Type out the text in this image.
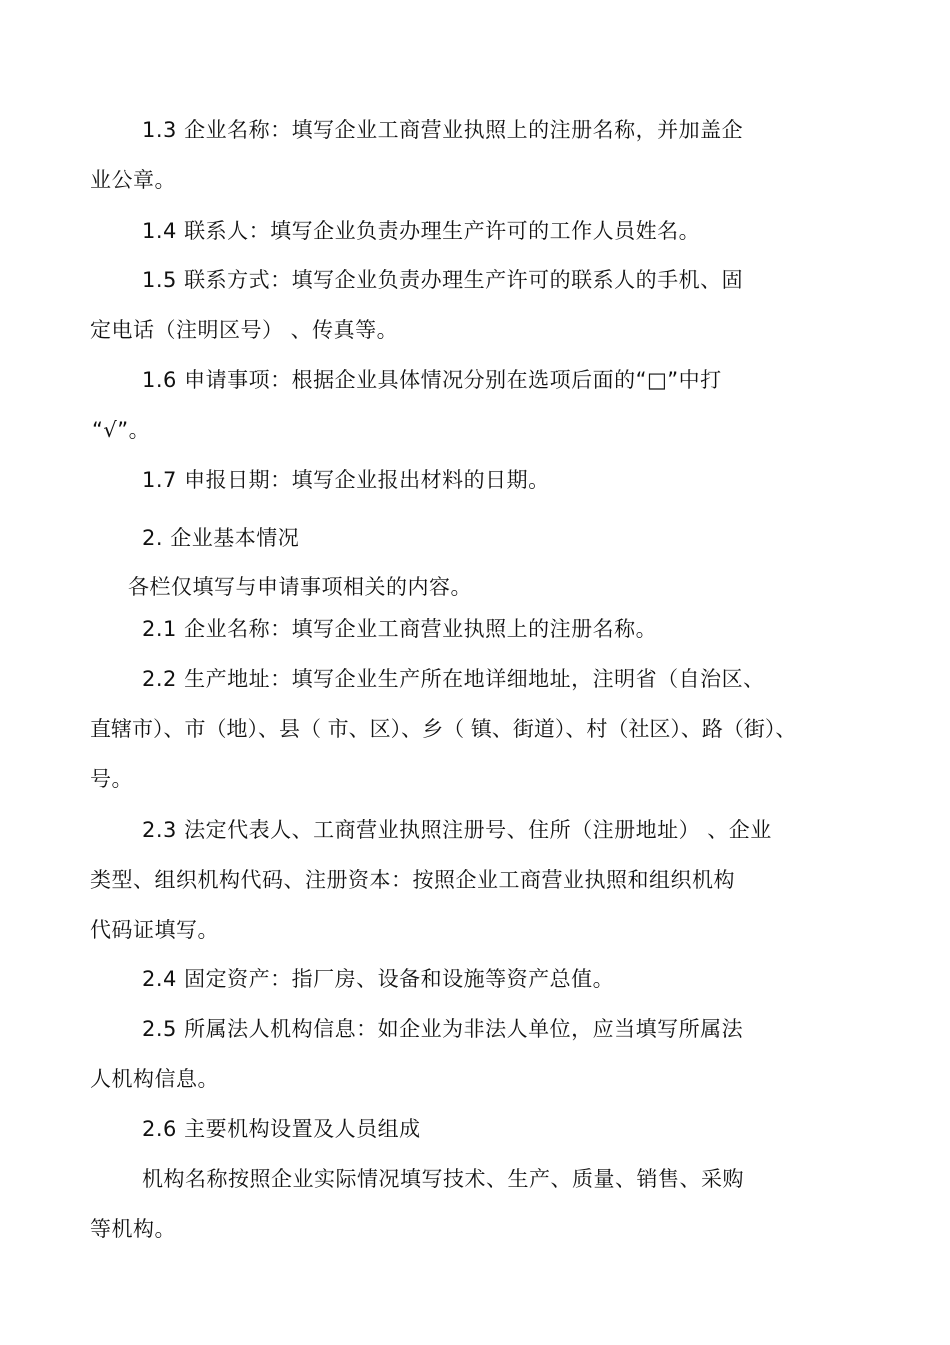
1.3 企业名称：填写企业工商营业执照上的注册名称，并加盖企

业公章。

1.4 联系人：填写企业负责办理生产许可的工作人员姓名。

1.5 联系方式：填写企业负责办理生产许可的联系人的手机、固

定电话（注明区号） 、传真等。

1.6 申请事项：根据企业具体情况分别在选项后面的“□”中打

“√”。

1.7 申报日期：填写企业报出材料的日期。

2. 企业基本情况

各栏仅填写与申请事项相关的内容。

2.1 企业名称：填写企业工商营业执照上的注册名称。

2.2 生产地址：填写企业生产所在地详细地址，注明省（自治区、

直辖市）、市（地）、县（ 市、区）、乡（ 镇、街道）、村（社区）、路（街）、

号。

2.3 法定代表人、工商营业执照注册号、住所（注册地址） 、企业

类型、组织机构代码、注册资本：按照企业工商营业执照和组织机构

代码证填写。

2.4 固定资产：指厂房、设备和设施等资产总值。

2.5 所属法人机构信息：如企业为非法人单位，应当填写所属法

人机构信息。

2.6 主要机构设置及人员组成

机构名称按照企业实际情况填写技术、生产、质量、销售、采购

等机构。
